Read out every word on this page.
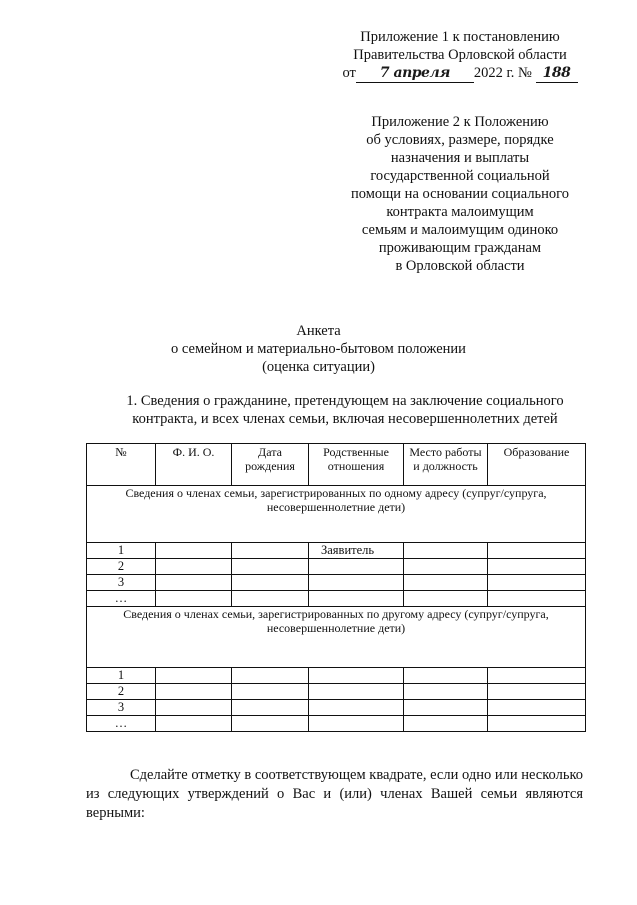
Приложение 1 к постановлению
Правительства Орловской области
от 7 апреля 2022 г. № 188
Приложение 2 к Положению
об условиях, размере, порядке
назначения и выплаты
государственной социальной
помощи на основании социального
контракта малоимущим
семьям и малоимущим одиноко
проживающим гражданам
в Орловской области
Анкета
о семейном и материально-бытовом положении
(оценка ситуации)
1. Сведения о гражданине, претендующем на заключение социального
контракта, и всех членах семьи, включая несовершеннолетних детей
№	Ф. И. О.	Дата рождения	Родственные отношения	Место работы и должность	Образование
Сведения о членах семьи, зарегистрированных по одному адресу (супруг/супруга, несовершеннолетние дети)					
1			Заявитель		
2					
3					
…					
Сведения о членах семьи, зарегистрированных по другому адресу (супруг/супруга, несовершеннолетние дети)					
1					
2					
3					
…					
Сделайте отметку в соответствующем квадрате, если одно или несколько из следующих утверждений о Вас и (или) членах Вашей семьи являются верными:
